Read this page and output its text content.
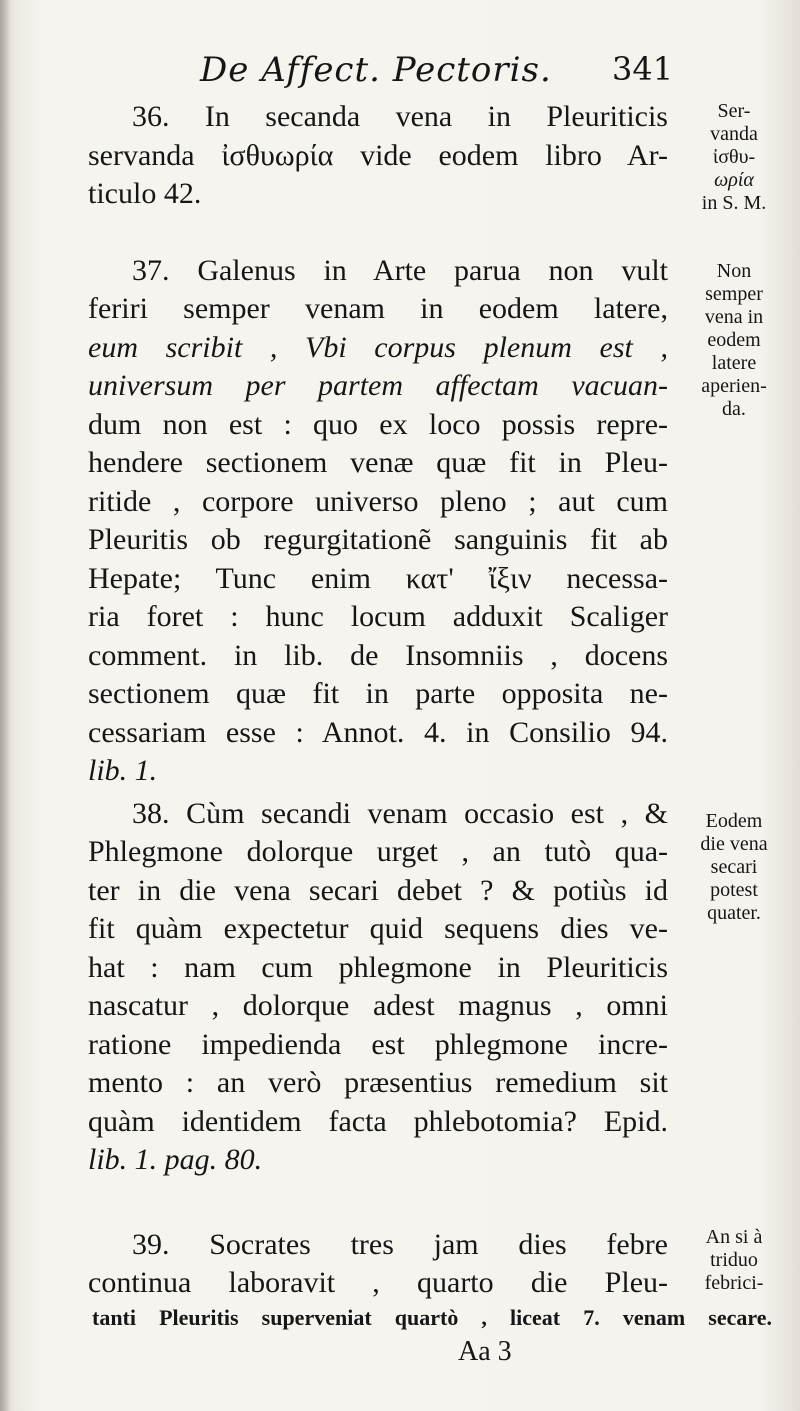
De Affect. Pectoris. 341
36. In secanda vena in Pleuriticis
servanda ἰσθυωρία vide eodem libro Ar-
ticulo 42.
37. Galenus in Arte parua non vult
feriri semper venam in eodem latere,
eum scribit , Vbi corpus plenum est ,
universum per partem affectam vacuan-
dum non est : quo ex loco possis repre-
hendere sectionem venæ quæ fit in Pleu-
ritide , corpore universo pleno ; aut cum
Pleuritis ob regurgitationẽ sanguinis fit ab
Hepate; Tunc enim κατ' ἴξιν necessa-
ria foret : hunc locum adduxit Scaliger
comment. in lib. de Insomniis , docens
sectionem quæ fit in parte opposita ne-
cessariam esse : Annot. 4. in Consilio 94.
lib. 1.
38. Cùm secandi venam occasio est , &
Phlegmone dolorque urget , an tutò qua-
ter in die vena secari debet ? & potiùs id
fit quàm expectetur quid sequens dies ve-
hat : nam cum phlegmone in Pleuriticis
nascatur , dolorque adest magnus , omni
ratione impedienda est phlegmone incre-
mento : an verò præsentius remedium sit
quàm identidem facta phlebotomia? Epid.
lib. 1. pag. 80.
39. Socrates tres jam dies febre
continua laboravit , quarto die Pleu-
tanti Pleuritis superveniat quartò , liceat 7. venam secare.
Aa 3
Ser-
vanda
ἰσθυ-
ωρία
in S. M.
Non
semper
vena in
eodem
latere
aperien-
da.
Eodem
die vena
secari
potest
quater.
An si à
triduo
febrici-
